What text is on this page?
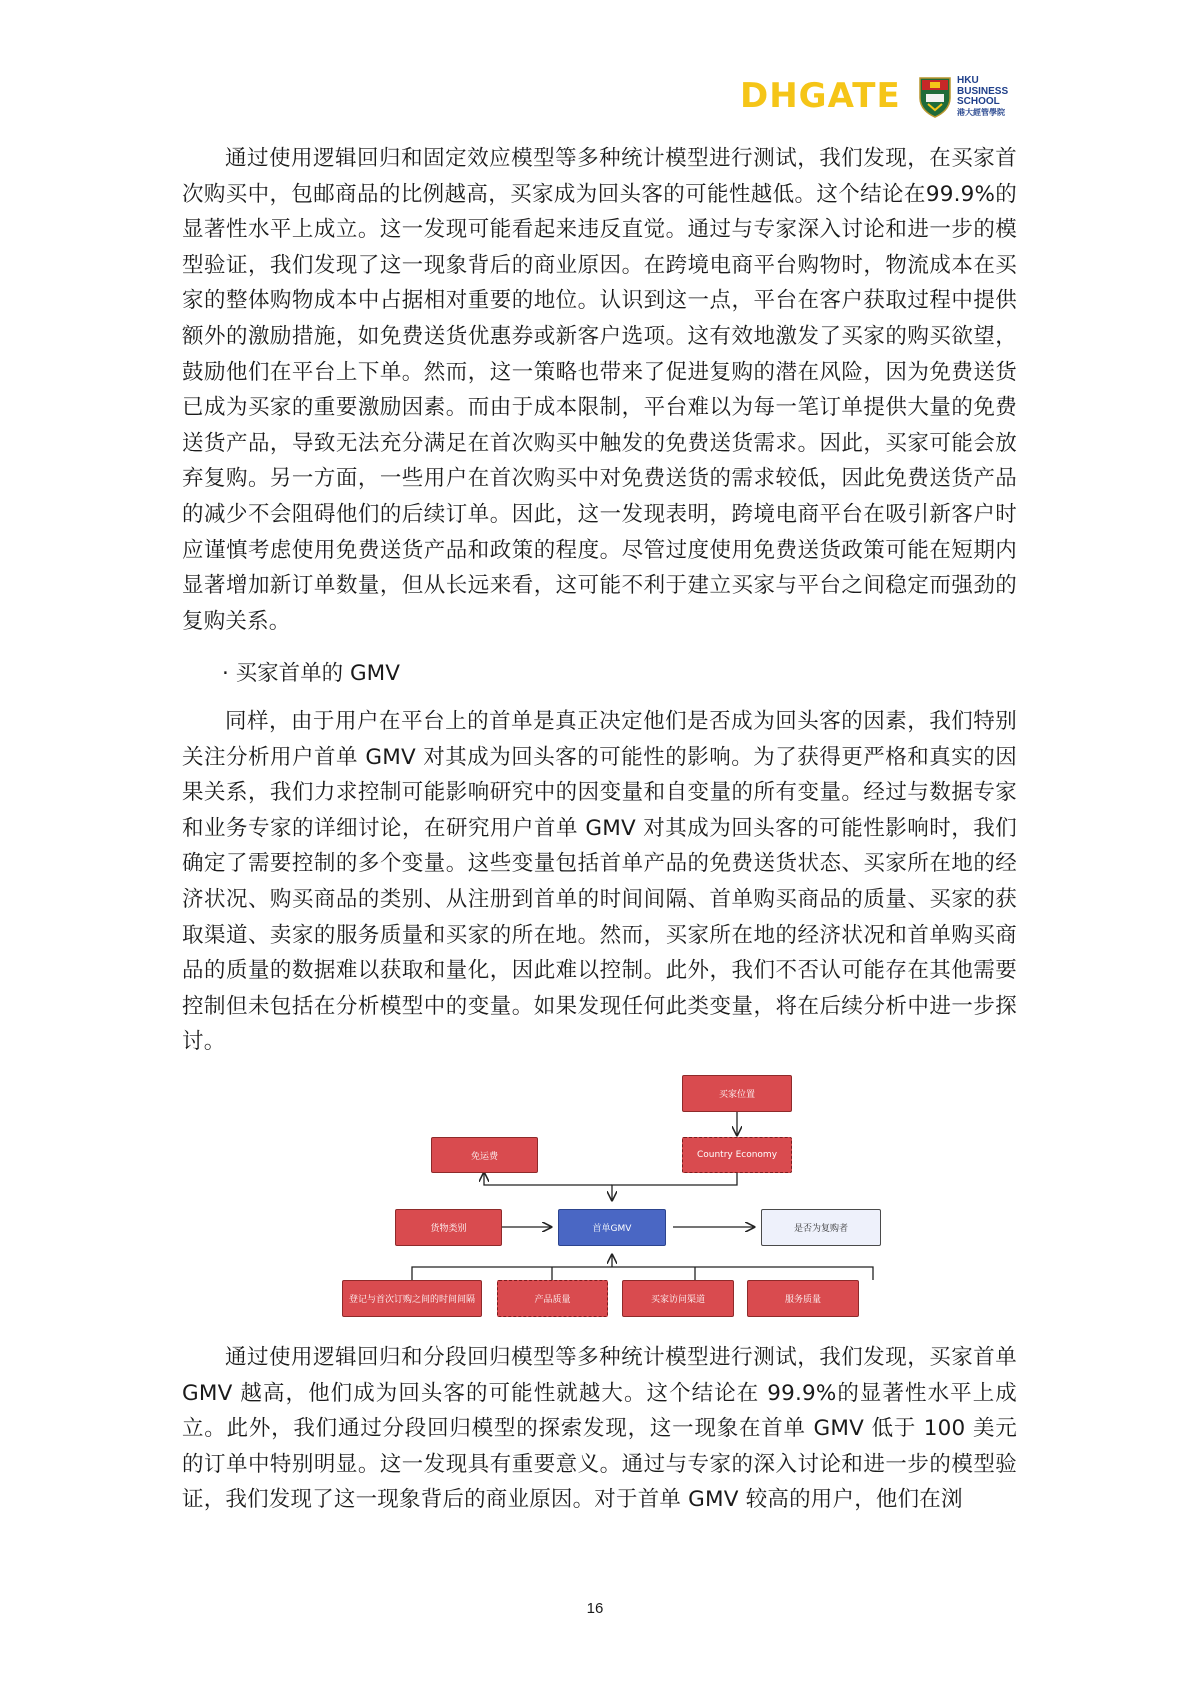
DHGATE	HKU
BUSINESS
SCHOOL
港大經管學院

通过使用逻辑回归和固定效应模型等多种统计模型进行测试，我们发现，在买家首次购买中，包邮商品的比例越高，买家成为回头客的可能性越低。这个结论在99.9%的显著性水平上成立。这一发现可能看起来违反直觉。通过与专家深入讨论和进一步的模型验证，我们发现了这一现象背后的商业原因。在跨境电商平台购物时，物流成本在买家的整体购物成本中占据相对重要的地位。认识到这一点，平台在客户获取过程中提供额外的激励措施，如免费送货优惠券或新客户选项。这有效地激发了买家的购买欲望，鼓励他们在平台上下单。然而，这一策略也带来了促进复购的潜在风险，因为免费送货已成为买家的重要激励因素。而由于成本限制，平台难以为每一笔订单提供大量的免费送货产品，导致无法充分满足在首次购买中触发的免费送货需求。因此，买家可能会放弃复购。另一方面，一些用户在首次购买中对免费送货的需求较低，因此免费送货产品的减少不会阻碍他们的后续订单。因此，这一发现表明，跨境电商平台在吸引新客户时应谨慎考虑使用免费送货产品和政策的程度。尽管过度使用免费送货政策可能在短期内显著增加新订单数量，但从长远来看，这可能不利于建立买家与平台之间稳定而强劲的复购关系。

· 买家首单的 GMV

同样，由于用户在平台上的首单是真正决定他们是否成为回头客的因素，我们特别关注分析用户首单 GMV 对其成为回头客的可能性的影响。为了获得更严格和真实的因果关系，我们力求控制可能影响研究中的因变量和自变量的所有变量。经过与数据专家和业务专家的详细讨论，在研究用户首单 GMV 对其成为回头客的可能性影响时，我们确定了需要控制的多个变量。这些变量包括首单产品的免费送货状态、买家所在地的经济状况、购买商品的类别、从注册到首单的时间间隔、首单购买商品的质量、买家的获取渠道、卖家的服务质量和买家的所在地。然而，买家所在地的经济状况和首单购买商品的质量的数据难以获取和量化，因此难以控制。此外，我们不否认可能存在其他需要控制但未包括在分析模型中的变量。如果发现任何此类变量，将在后续分析中进一步探讨。

买家位置
Country Economy
免运费
货物类别	首单GMV	是否为复购者
登记与首次订购之间的时间间隔	产品质量	买家访问渠道	服务质量

通过使用逻辑回归和分段回归模型等多种统计模型进行测试，我们发现，买家首单 GMV 越高，他们成为回头客的可能性就越大。这个结论在 99.9%的显著性水平上成立。此外，我们通过分段回归模型的探索发现，这一现象在首单 GMV 低于 100 美元的订单中特别明显。这一发现具有重要意义。通过与专家的深入讨论和进一步的模型验证，我们发现了这一现象背后的商业原因。对于首单 GMV 较高的用户，他们在浏

16
